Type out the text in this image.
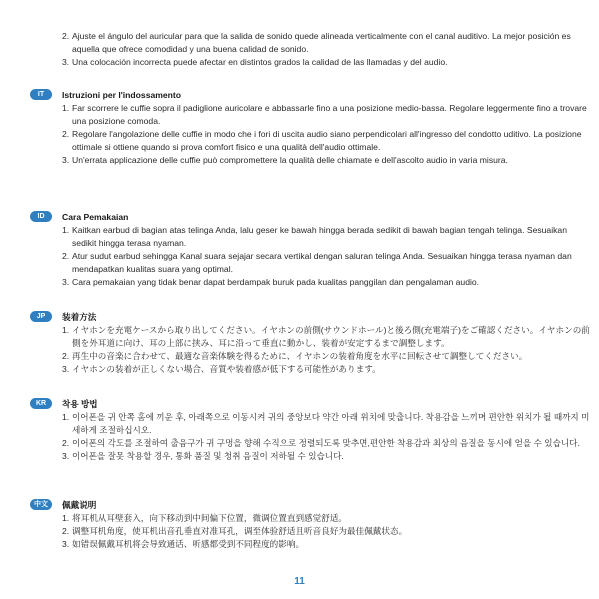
2. Ajuste el ángulo del auricular para que la salida de sonido quede alineada verticalmente con el canal auditivo. La mejor posición es aquella que ofrece comodidad y una buena calidad de sonido.
3. Una colocación incorrecta puede afectar en distintos grados la calidad de las llamadas y del audio.
IT	Istruzioni per l'indossamento
1. Far scorrere le cuffie sopra il padiglione auricolare e abbassarle fino a una posizione medio-bassa. Regolare leggermente fino a trovare una posizione comoda.
2. Regolare l'angolazione delle cuffie in modo che i fori di uscita audio siano perpendicolari all'ingresso del condotto uditivo. La posizione ottimale si ottiene quando si prova comfort fisico e una qualità dell'audio ottimale.
3. Un'errata applicazione delle cuffie può compromettere la qualità delle chiamate e dell'ascolto audio in varia misura.
ID	Cara Pemakaian
1. Kaitkan earbud di bagian atas telinga Anda, lalu geser ke bawah hingga berada sedikit di bawah bagian tengah telinga. Sesuaikan sedikit hingga terasa nyaman.
2. Atur sudut earbud sehingga Kanal suara sejajar secara vertikal dengan saluran telinga Anda. Sesuaikan hingga terasa nyaman dan mendapatkan kualitas suara yang optimal.
3. Cara pemakaian yang tidak benar dapat berdampak buruk pada kualitas panggilan dan pengalaman audio.
JP	装着方法
1. イヤホンを充電ケースから取り出してください。イヤホンの前側(サウンドホール)と後ろ側(充電端子)をご確認ください。イヤホンの前側を外耳道に向け、耳の上部に挟み、耳に沿って垂直に動かし、装着が安定するまで調整します。
2. 再生中の音楽に合わせて、最適な音楽体験を得るために、イヤホンの装着角度を水平に回転させて調整してください。
3. イヤホンの装着が正しくない場合、音質や装着感が低下する可能性があります。
KR	착용 방법
1. 이어폰을 귀 안쪽 홈에 끼운 후, 아래쪽으로 이동시켜 귀의 중앙보다 약간 아래 위치에 맞춥니다. 착용감을 느끼며 편안한 위치가 될 때까지 미세하게 조절하십시오.
2. 이어폰의 각도를 조절하여 출음구가 귀 구멍을 향해 수직으로 정렬되도록 맞추면,편안한 착용감과 최상의 음질을 동시에 얻을 수 있습니다.
3. 이어폰을 잘못 착용할 경우, 통화 품질 및 청취 음질이 저하될 수 있습니다.
中文	佩戴说明
1. 将耳机从耳壁套入，向下移动到中间偏下位置，微调位置直到感觉舒适。
2. 调整耳机角度，使耳机出音孔垂直对准耳孔，调至体验舒适且听音良好为最佳佩戴状态。
3. 如错误佩戴耳机将会导致通话、听感都受到不同程度的影响。
11
